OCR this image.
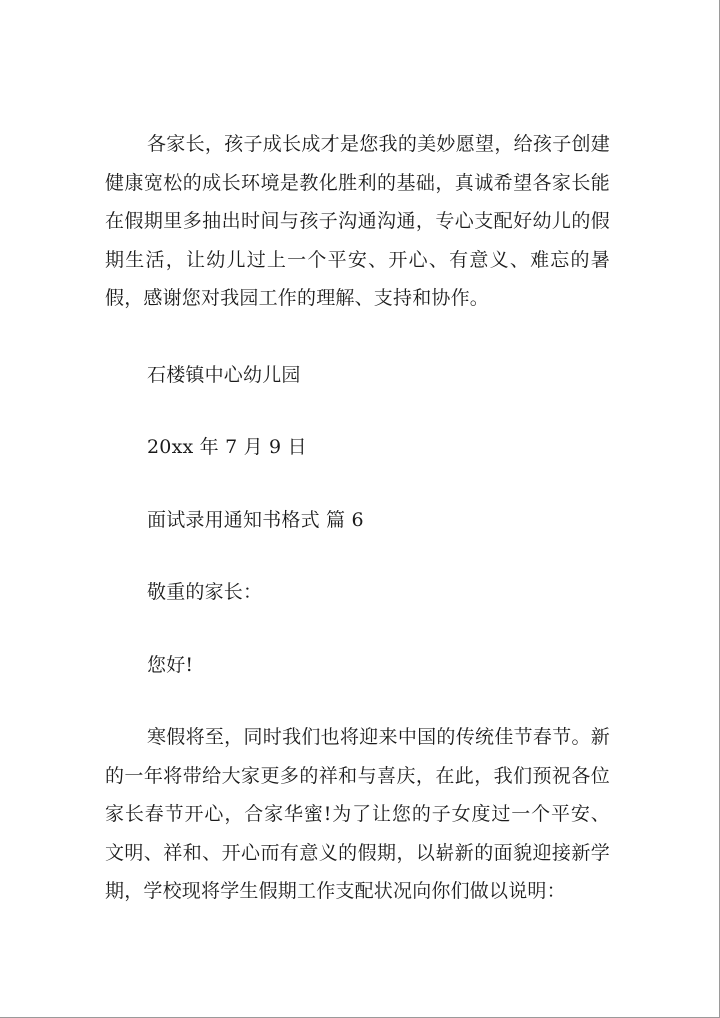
各家长，孩子成长成才是您我的美妙愿望，给孩子创建健康宽松的成长环境是教化胜利的基础，真诚希望各家长能在假期里多抽出时间与孩子沟通沟通，专心支配好幼儿的假期生活，让幼儿过上一个平安、开心、有意义、难忘的暑假，感谢您对我园工作的理解、支持和协作。

石楼镇中心幼儿园

20xx 年 7 月 9 日

面试录用通知书格式 篇 6

敬重的家长：

您好!

寒假将至，同时我们也将迎来中国的传统佳节春节。新的一年将带给大家更多的祥和与喜庆，在此，我们预祝各位家长春节开心，合家华蜜!为了让您的子女度过一个平安、文明、祥和、开心而有意义的假期，以崭新的面貌迎接新学期，学校现将学生假期工作支配状况向你们做以说明：
